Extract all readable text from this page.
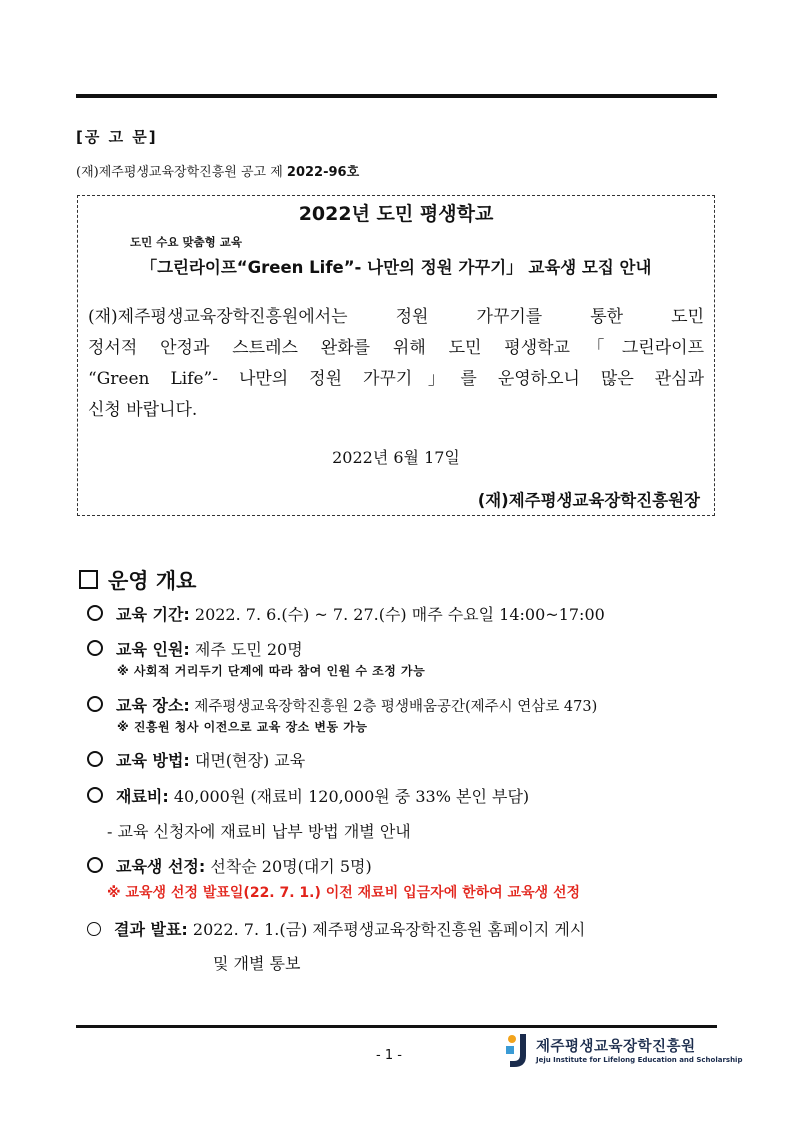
[공 고 문]
(재)제주평생교육장학진흥원 공고 제 2022-96호
2022년 도민 평생학교
도민 수요 맞춤형 교육
「그린라이프“Green Life”- 나만의 정원 가꾸기」 교육생 모집 안내
(재)제주평생교육장학진흥원에서는 정원 가꾸기를 통한 도민
정서적 안정과 스트레스 완화를 위해 도민 평생학교「그린라이프
“Green Life”- 나만의 정원 가꾸기」를 운영하오니 많은 관심과
신청 바랍니다.
2022년 6월 17일
(재)제주평생교육장학진흥원장
운영 개요
교육 기간: 2022. 7. 6.(수) ~ 7. 27.(수) 매주 수요일 14:00~17:00
교육 인원: 제주 도민 20명
※ 사회적 거리두기 단계에 따라 참여 인원 수 조정 가능
교육 장소: 제주평생교육장학진흥원 2층 평생배움공간(제주시 연삼로 473)
※ 진흥원 청사 이전으로 교육 장소 변동 가능
교육 방법: 대면(현장) 교육
재료비: 40,000원 (재료비 120,000원 중 33% 본인 부담)
- 교육 신청자에 재료비 납부 방법 개별 안내
교육생 선정: 선착순 20명(대기 5명)
※ 교육생 선정 발표일(22. 7. 1.) 이전 재료비 입금자에 한하여 교육생 선정
결과 발표: 2022. 7. 1.(금) 제주평생교육장학진흥원 홈페이지 게시
및 개별 통보
- 1 -
제주평생교육장학진흥원
Jeju Institute for Lifelong Education and Scholarship
